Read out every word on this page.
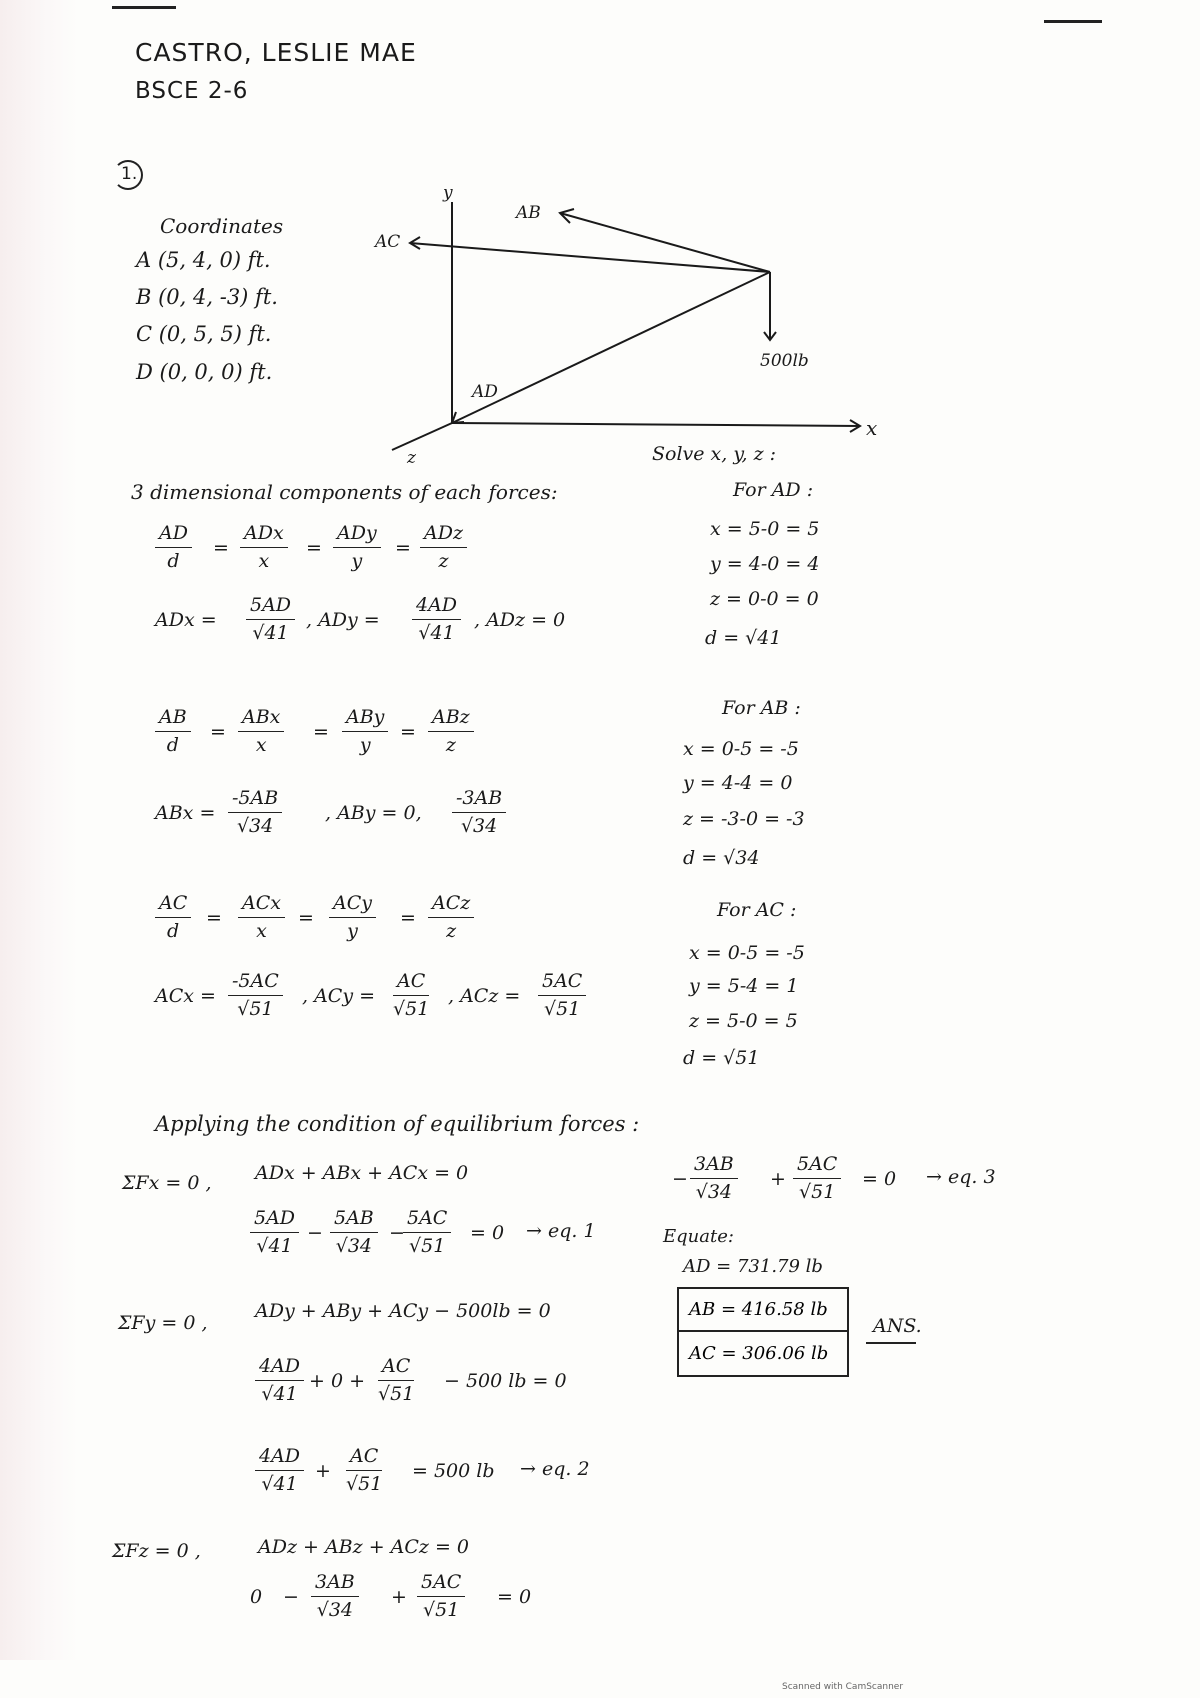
CASTRO, LESLIE MAE
BSCE 2-6
1.
Coordinates
A (5, 4, 0) ft.
B (0, 4, -3) ft.
C (0, 5, 5) ft.
D (0, 0, 0) ft.
y
x
z
AB
AC
AD
500lb
3 dimensional components of each forces:
$\frac{AD}{d}$ =
ADx
x
=
ADy
y
=
ADz
z
ADx = $\frac{5AD}{√41}$ , ADy = $\frac{4AD}{√41}$ , ADz = 0
$\frac{AB}{d}$ =
ABx
x
=
ABy
y
=
ABz
z
ABx = $\frac{-5AB}{√34}$ , ABy = 0, $\frac{-3AB}{√34}$
$\frac{AC}{d}$ =
ACx
x
=
ACy
y
=
ACz
z
ACx = $\frac{-5AC}{√51}$ , ACy = $\frac{AC}{√51}$ , ACz = $\frac{5AC}{√51}$
Solve x, y, z :
For AD :
x = 5-0 = 5
y = 4-0 = 4
z = 0-0 = 0
d = √41
For AB :
x = 0-5 = -5
y = 4-4 = 0
z = -3-0 = -3
d = √34
For AC :
x = 0-5 = -5
y = 5-4 = 1
z = 5-0 = 5
d = √51
Applying the condition of equilibrium forces :
ΣFx = 0 , ADx + ABx + ACx = 0
$\frac{5AD}{√41} - \frac{5AB}{√34}$ −
$\frac{5AC}{√51} = 0$ → eq. 1
ΣFy = 0 ,
ADy + ABy + ACy − 500lb = 0
$\frac{4AD}{√41} + 0 + \frac{AC}{√51} - 500$ lb = 0
$\frac{4AD}{√41} + \frac{AC}{√51} = 500$ lb → eq. 2
ΣFz = 0 ,	ADz + ABz + ACz = 0
$0 - \frac{3AB}{√34} + \frac{5AC}{√51} = 0$
− $\frac{3AB}{√34} + \frac{5AC}{√51} = 0$ → eq. 3
Equate:
AD = 731.79 lb
AB = 416.58 lb
AC = 306.06 lb
ANS.
Scanned with CamScanner
